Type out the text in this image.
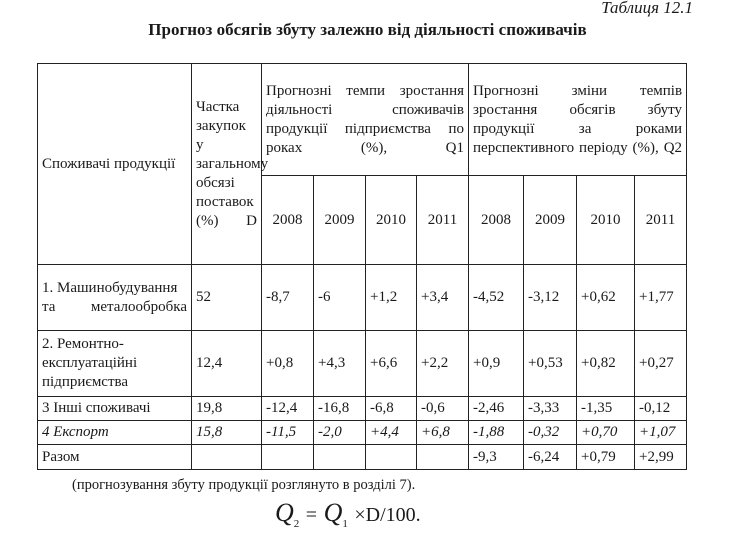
Таблиця 12.1
Прогноз обсягів збуту залежно від діяльності споживачів
Споживачі продукції	Частка закупок у загальному обсязі поставок (%) D	Прогнозні темпи зростання діяльності споживачів продукції підприємства по роках (%), Q1				Прогнозні зміни темпів зростання обсягів збуту продукції за роками перспективного періоду (%), Q2			
		2008	2009	2010	2011	2008	2009	2010	2011
1. Машинобудування та металообробка	52	-8,7	-6	+1,2	+3,4	-4,52	-3,12	+0,62	+1,77
2. Ремонтно-експлуатаційні підприємства	12,4	+0,8	+4,3	+6,6	+2,2	+0,9	+0,53	+0,82	+0,27
3 Інші споживачі	19,8	-12,4	-16,8	-6,8	-0,6	-2,46	-3,33	-1,35	-0,12
4 Експорт	15,8	-11,5	-2,0	+4,4	+6,8	-1,88	-0,32	+0,70	+1,07
Разом						-9,3	-6,24	+0,79	+2,99
(прогнозування збуту продукції розглянуто в розділі 7).
$Q_2 = Q_1 \times D/100$.
